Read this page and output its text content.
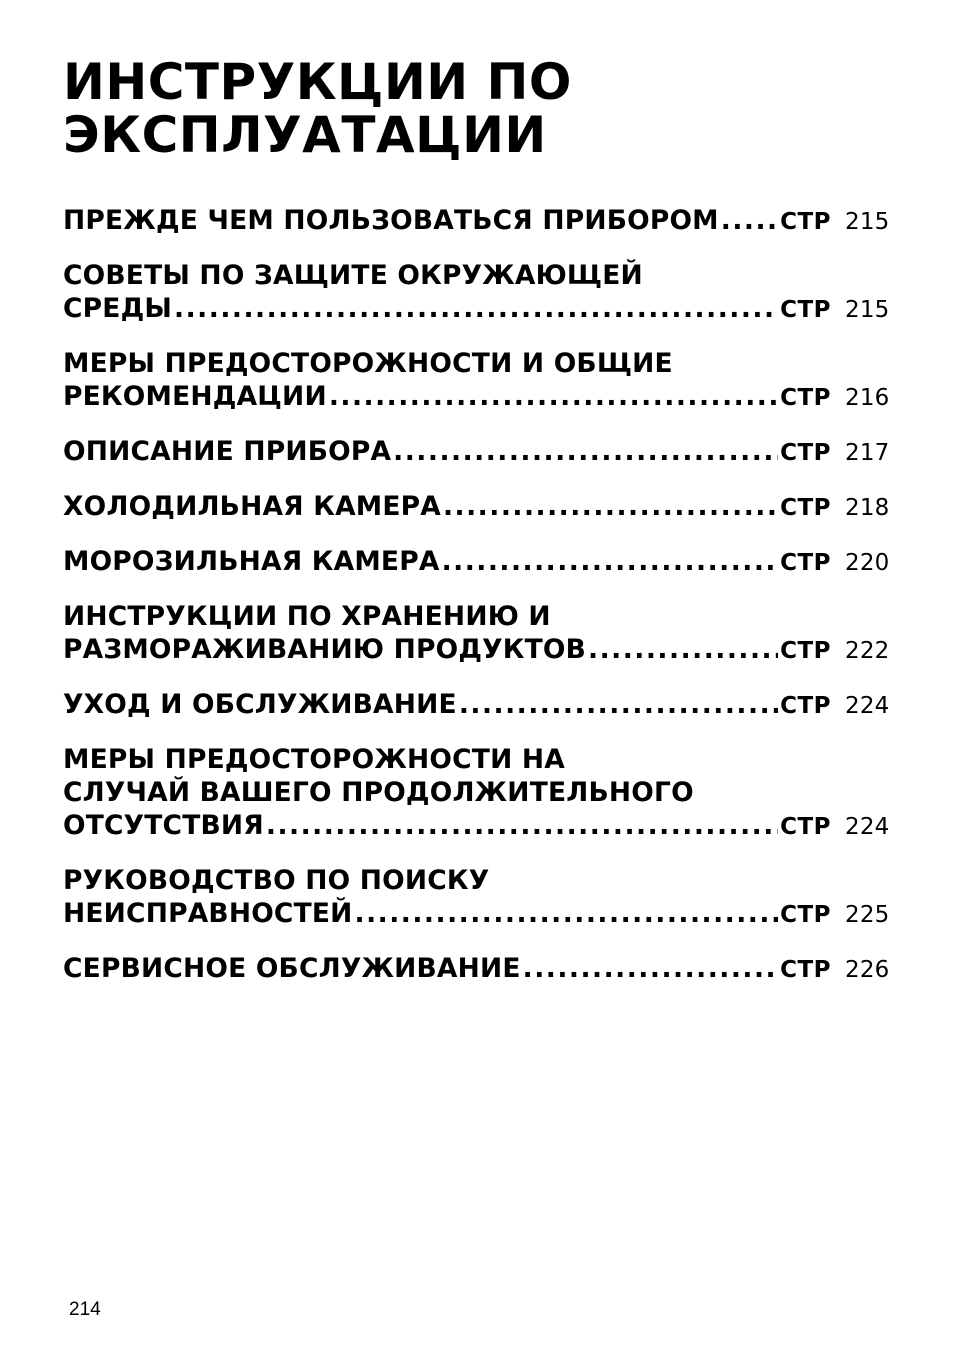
ИНСТРУКЦИИ ПО
ЭКСПЛУАТАЦИИ
ПРЕЖДЕ ЧЕМ ПОЛЬЗОВАТЬСЯ ПРИБОРОМ .....	СТР 215
СОВЕТЫ ПО ЗАЩИТЕ ОКРУЖАЮЩЕЙ
СРЕДЫ .....	СТР 215
МЕРЫ ПРЕДОСТОРОЖНОСТИ И ОБЩИЕ
РЕКОМЕНДАЦИИ .....	СТР 216
ОПИСАНИЕ ПРИБОРА .....	СТР 217
ХОЛОДИЛЬНАЯ КАМЕРА .....	СТР 218
МОРОЗИЛЬНАЯ КАМЕРА .....	СТР 220
ИНСТРУКЦИИ ПО ХРАНЕНИЮ И
РАЗМОРАЖИВАНИЮ ПРОДУКТОВ .....	СТР 222
УХОД И ОБСЛУЖИВАНИЕ .....	СТР 224
МЕРЫ ПРЕДОСТОРОЖНОСТИ НА
СЛУЧАЙ ВАШЕГО ПРОДОЛЖИТЕЛЬНОГО
ОТСУТСТВИЯ .....	СТР 224
РУКОВОДСТВО ПО ПОИСКУ
НЕИСПРАВНОСТЕЙ .....	СТР 225
СЕРВИСНОЕ ОБСЛУЖИВАНИЕ .....	СТР 226
214
